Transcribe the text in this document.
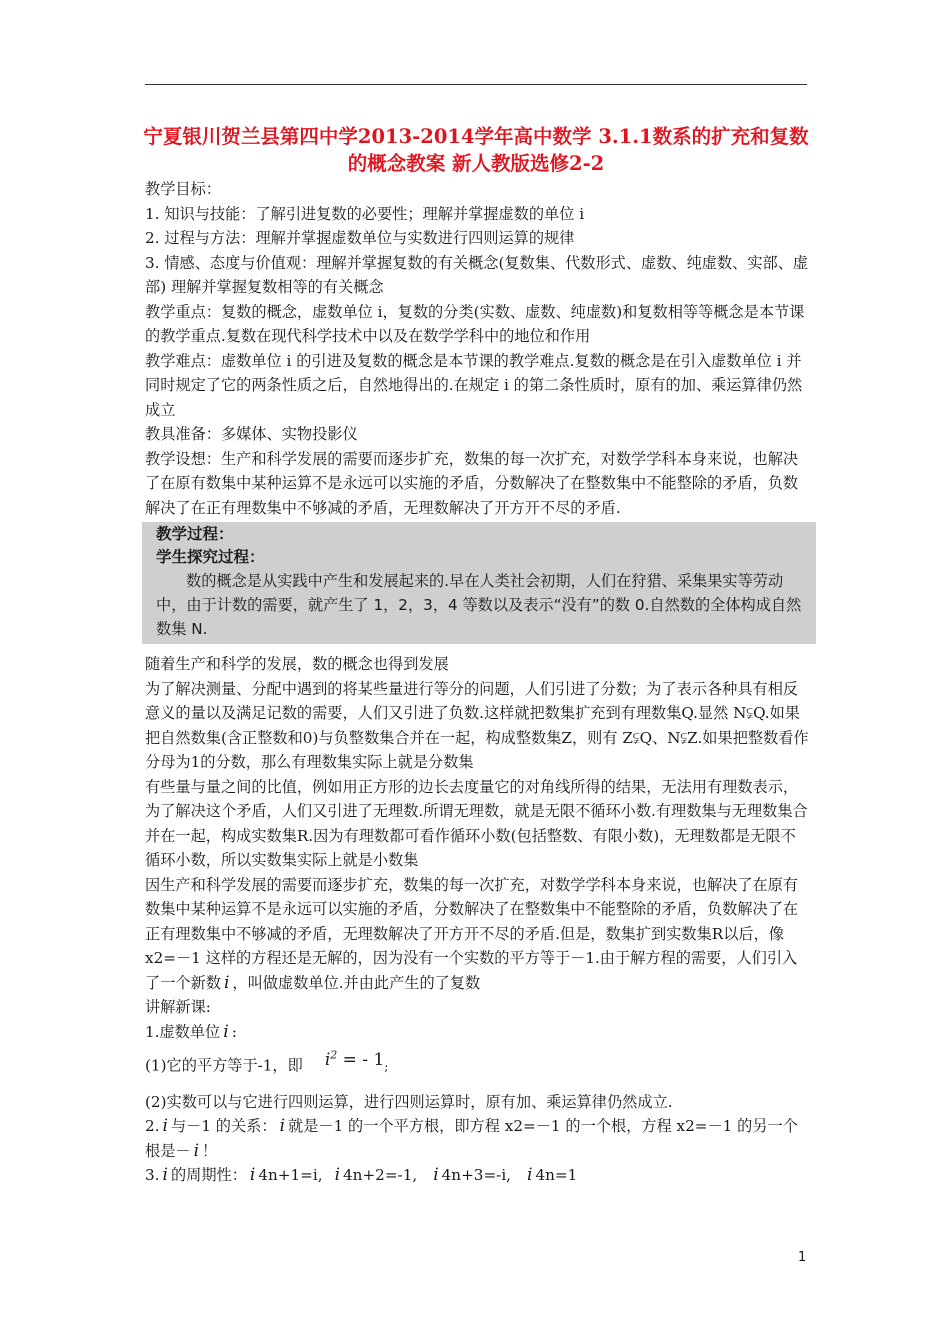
宁夏银川贺兰县第四中学2013-2014学年高中数学 3.1.1数系的扩充和复数的概念教案 新人教版选修2-2

教学目标：

1. 知识与技能：了解引进复数的必要性；理解并掌握虚数的单位 i

2. 过程与方法：理解并掌握虚数单位与实数进行四则运算的规律

3. 情感、态度与价值观：理解并掌握复数的有关概念(复数集、代数形式、虚数、纯虚数、实部、虚部) 理解并掌握复数相等的有关概念

教学重点：复数的概念，虚数单位 i，复数的分类(实数、虚数、纯虚数)和复数相等等概念是本节课的教学重点.复数在现代科学技术中以及在数学学科中的地位和作用

教学难点：虚数单位 i 的引进及复数的概念是本节课的教学难点.复数的概念是在引入虚数单位 i 并同时规定了它的两条性质之后，自然地得出的.在规定 i 的第二条性质时，原有的加、乘运算律仍然成立

教具准备：多媒体、实物投影仪

教学设想：生产和科学发展的需要而逐步扩充，数集的每一次扩充，对数学学科本身来说，也解决了在原有数集中某种运算不是永远可以实施的矛盾，分数解决了在整数集中不能整除的矛盾，负数解决了在正有理数集中不够减的矛盾，无理数解决了开方开不尽的矛盾.

教学过程：
学生探究过程：
数的概念是从实践中产生和发展起来的.早在人类社会初期，人们在狩猎、采集果实等劳动中，由于计数的需要，就产生了 1，2，3，4 等数以及表示“没有”的数 0.自然数的全体构成自然数集 N.

随着生产和科学的发展，数的概念也得到发展

为了解决测量、分配中遇到的将某些量进行等分的问题，人们引进了分数；为了表示各种具有相反意义的量以及满足记数的需要，人们又引进了负数.这样就把数集扩充到有理数集Q.显然 N⫋Q.如果把自然数集(含正整数和0)与负整数集合并在一起，构成整数集Z，则有 Z⫋Q、N⫋Z.如果把整数看作分母为1的分数，那么有理数集实际上就是分数集

有些量与量之间的比值，例如用正方形的边长去度量它的对角线所得的结果，无法用有理数表示，为了解决这个矛盾，人们又引进了无理数.所谓无理数，就是无限不循环小数.有理数集与无理数集合并在一起，构成实数集R.因为有理数都可看作循环小数(包括整数、有限小数)，无理数都是无限不循环小数，所以实数集实际上就是小数集

因生产和科学发展的需要而逐步扩充，数集的每一次扩充，对数学学科本身来说，也解决了在原有数集中某种运算不是永远可以实施的矛盾，分数解决了在整数集中不能整除的矛盾，负数解决了在正有理数集中不够减的矛盾，无理数解决了开方开不尽的矛盾.但是，数集扩到实数集R以后，像 x2=－1 这样的方程还是无解的，因为没有一个实数的平方等于－1.由于解方程的需要，人们引入了一个新数 i ，叫做虚数单位.并由此产生的了复数

讲解新课:

1.虚数单位 i :

(1)它的平方等于-1，即 $i^2$ = - 1;

(2)实数可以与它进行四则运算，进行四则运算时，原有加、乘运算律仍然成立.

2. i 与－1 的关系： i 就是－1 的一个平方根，即方程 x2=－1 的一个根，方程 x2=－1 的另一个根是－ i ！

3. i 的周期性： i 4n+1=i, i 4n+2=-1, i 4n+3=-i, i 4n=1

1
